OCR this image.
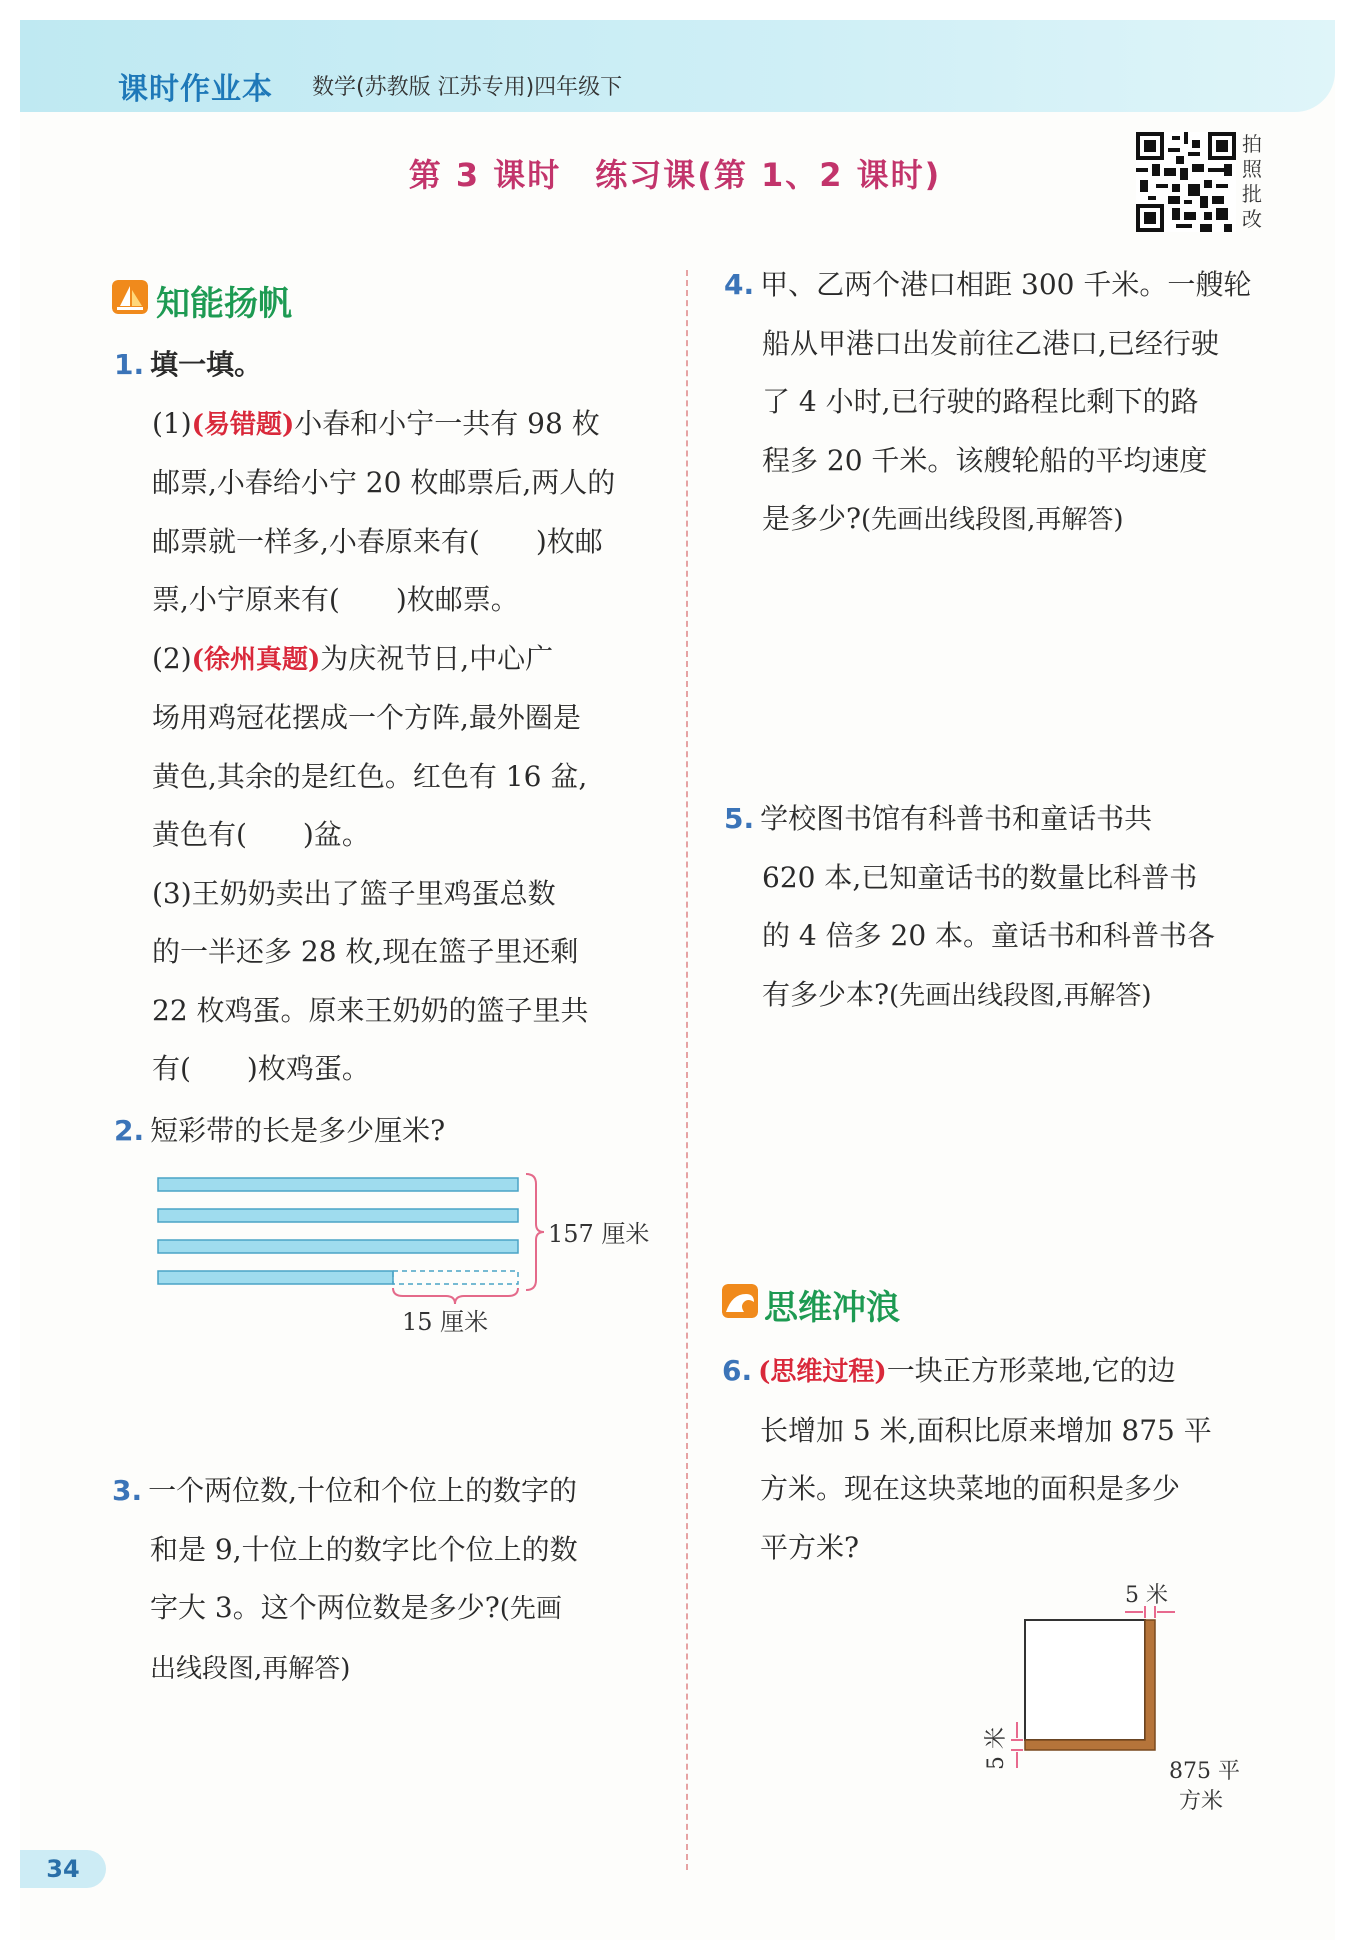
课时作业本 数学(苏教版 江苏专用)四年级下
第 3 课时　练习课(第 1、2 课时)
拍
照
批
改
知能扬帆
1. 填一填。
(1)(易错题)小春和小宁一共有 98 枚
邮票,小春给小宁 20 枚邮票后,两人的
邮票就一样多,小春原来有(　　)枚邮
票,小宁原来有(　　)枚邮票。
(2)(徐州真题)为庆祝节日,中心广
场用鸡冠花摆成一个方阵,最外圈是
黄色,其余的是红色。红色有 16 盆,
黄色有(　　)盆。
(3)王奶奶卖出了篮子里鸡蛋总数
的一半还多 28 枚,现在篮子里还剩
22 枚鸡蛋。原来王奶奶的篮子里共
有(　　)枚鸡蛋。
2. 短彩带的长是多少厘米?
157 厘米
15 厘米
3. 一个两位数,十位和个位上的数字的

和是 9,十位上的数字比个位上的数
字大 3。这个两位数是多少?(先画
出线段图,再解答)
4. 甲、乙两个港口相距 300 千米。一艘轮

船从甲港口出发前往乙港口,已经行驶
了 4 小时,已行驶的路程比剩下的路
程多 20 千米。该艘轮船的平均速度
是多少?(先画出线段图,再解答)
5. 学校图书馆有科普书和童话书共

620 本,已知童话书的数量比科普书
的 4 倍多 20 本。童话书和科普书各
有多少本?(先画出线段图,再解答)
思维冲浪
6. (思维过程)一块正方形菜地,它的边

长增加 5 米,面积比原来增加 875 平
方米。现在这块菜地的面积是多少
平方米?
5 米
5 米
875 平
方米
34
